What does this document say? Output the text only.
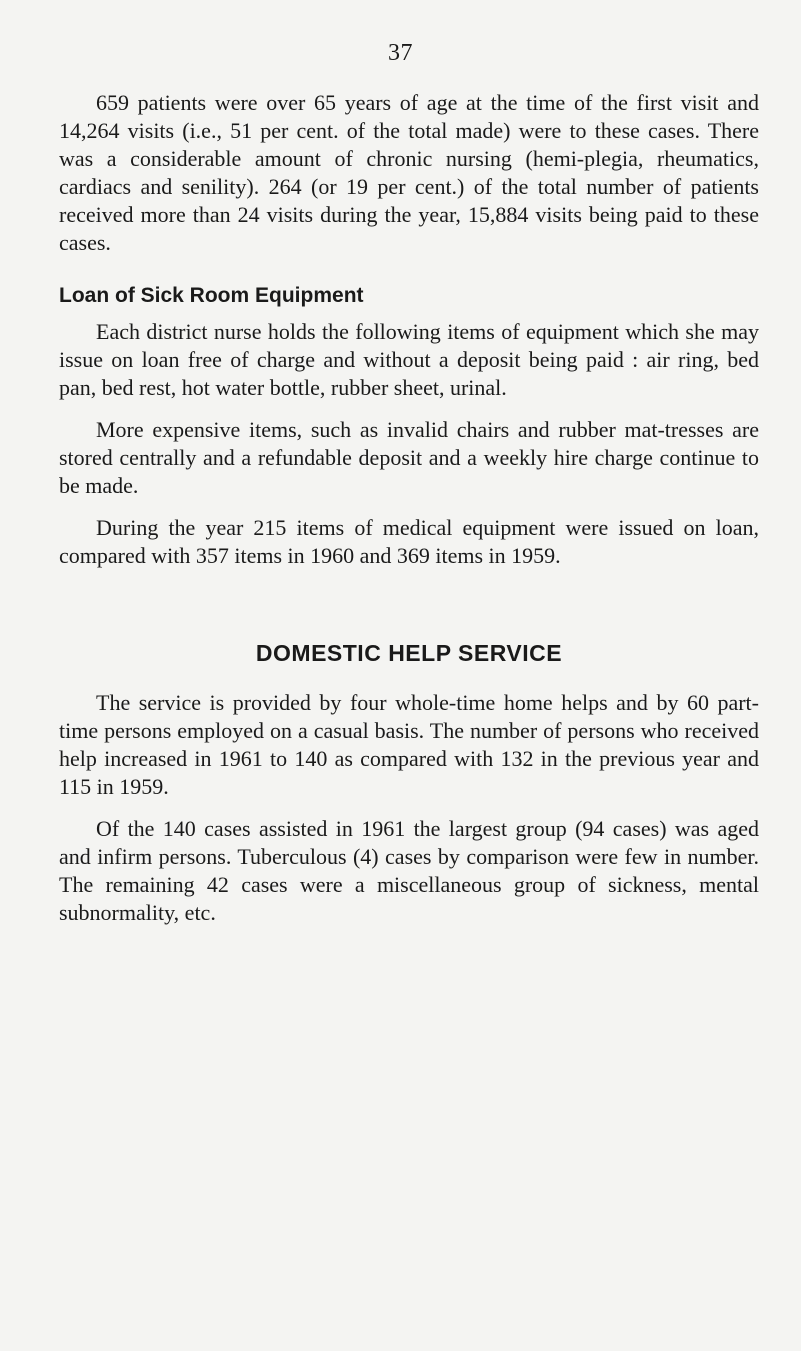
37

659 patients were over 65 years of age at the time of the first visit and 14,264 visits (i.e., 51 per cent. of the total made) were to these cases. There was a considerable amount of chronic nursing (hemi-plegia, rheumatics, cardiacs and senility). 264 (or 19 per cent.) of the total number of patients received more than 24 visits during the year, 15,884 visits being paid to these cases.

Loan of Sick Room Equipment

Each district nurse holds the following items of equipment which she may issue on loan free of charge and without a deposit being paid : air ring, bed pan, bed rest, hot water bottle, rubber sheet, urinal.

More expensive items, such as invalid chairs and rubber mat-tresses are stored centrally and a refundable deposit and a weekly hire charge continue to be made.

During the year 215 items of medical equipment were issued on loan, compared with 357 items in 1960 and 369 items in 1959.

DOMESTIC HELP SERVICE

The service is provided by four whole-time home helps and by 60 part-time persons employed on a casual basis. The number of persons who received help increased in 1961 to 140 as compared with 132 in the previous year and 115 in 1959.

Of the 140 cases assisted in 1961 the largest group (94 cases) was aged and infirm persons. Tuberculous (4) cases by comparison were few in number. The remaining 42 cases were a miscellaneous group of sickness, mental subnormality, etc.
